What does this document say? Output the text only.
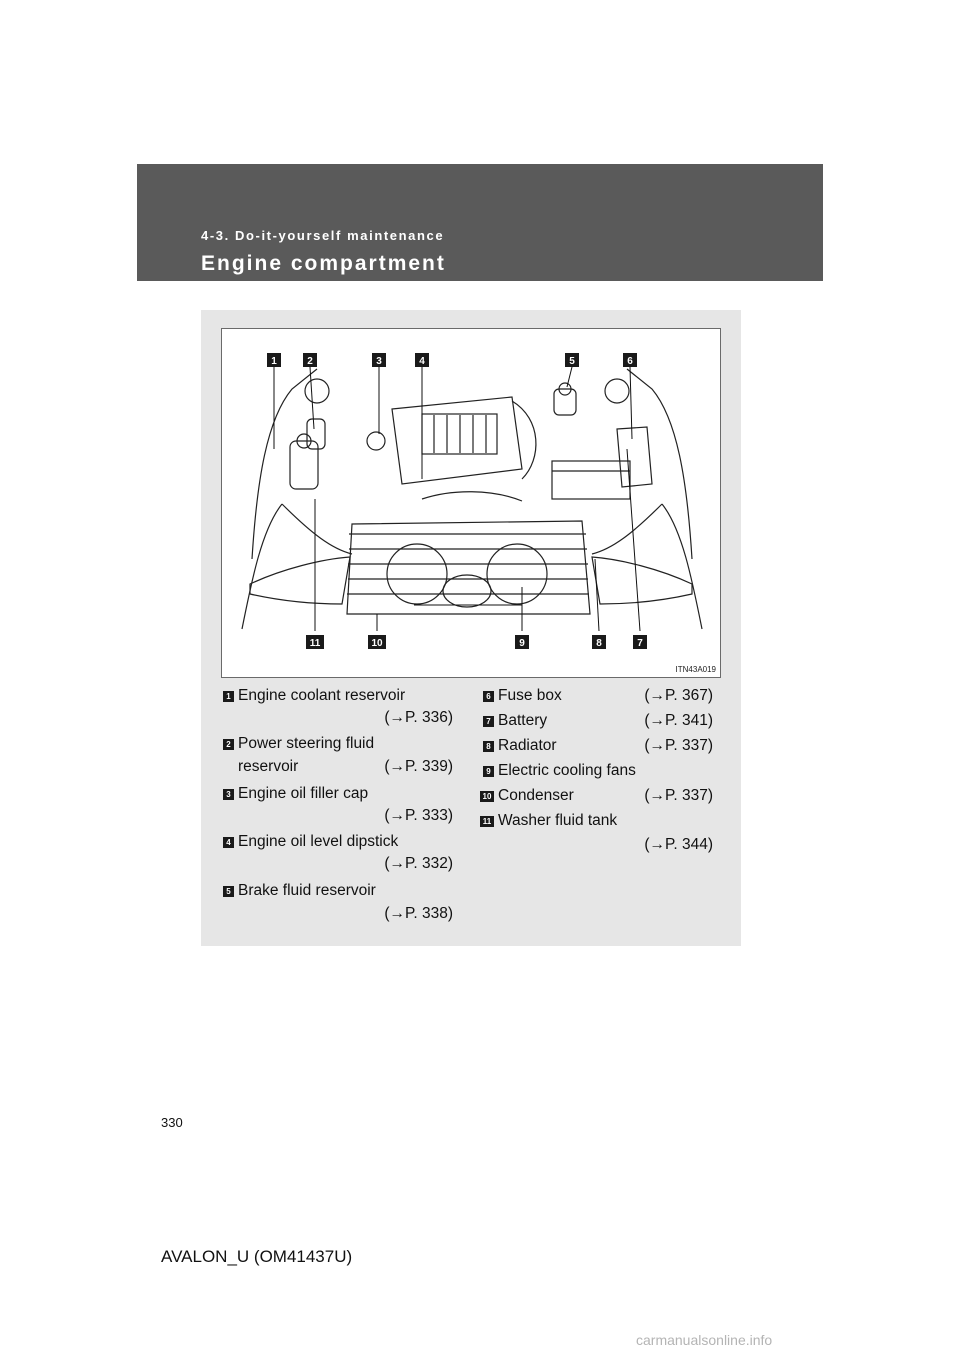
4-3. Do-it-yourself maintenance
Engine compartment
1	2	3	4	5	6
7
8
9
10
11
ITN43A019
1 Engine coolant reservoir
(→P. 336)
2 Power steering fluid
reservoir	(→P. 339)
3 Engine oil filler cap
(→P. 333)
4 Engine oil level dipstick
(→P. 332)
5 Brake fluid reservoir
(→P. 338)
6 Fuse box	(→P. 367)
7 Battery	(→P. 341)
8 Radiator	(→P. 337)
9 Electric cooling fans
10 Condenser	(→P. 337)
11 Washer fluid tank
(→P. 344)
330
AVALON_U (OM41437U)
carmanualsonline.info
